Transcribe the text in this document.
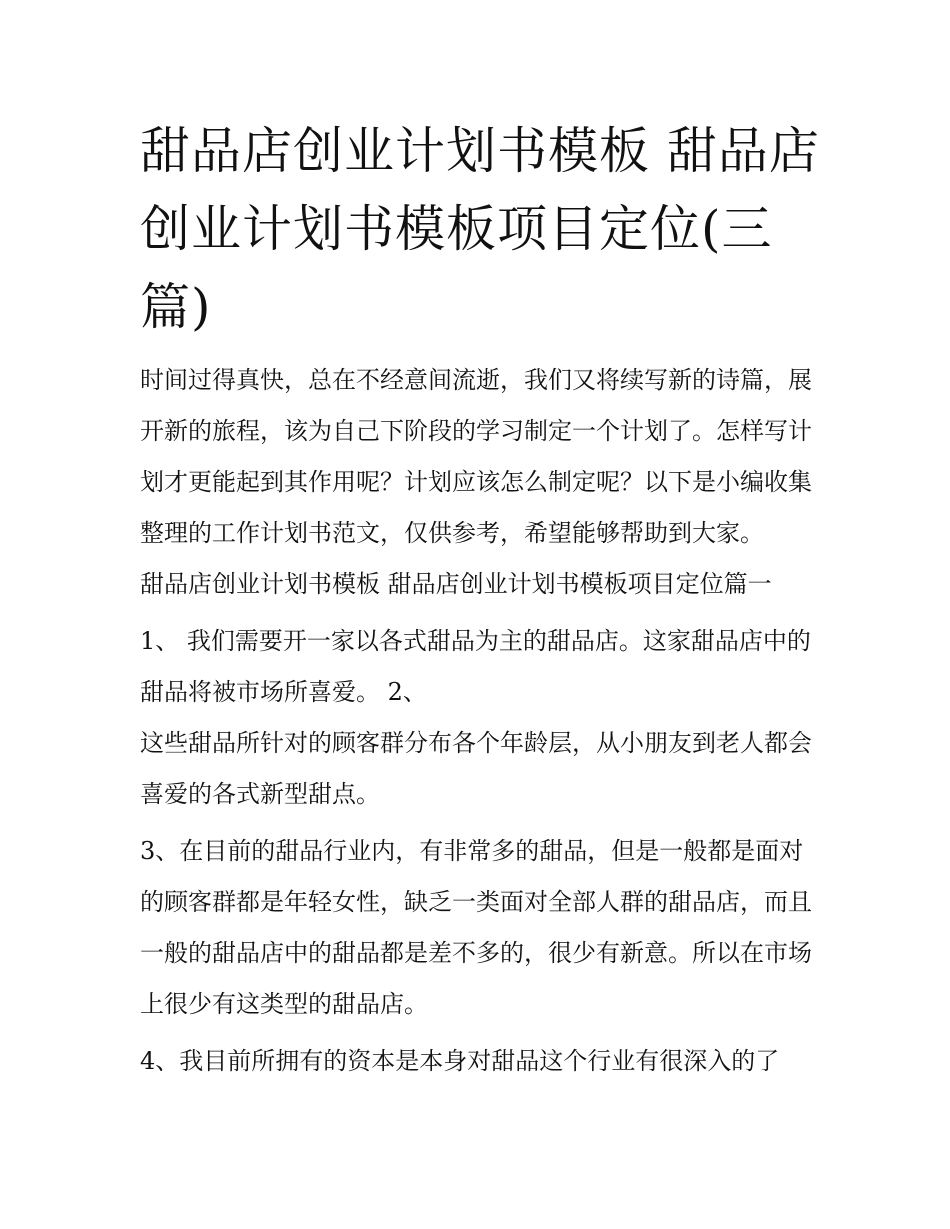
甜品店创业计划书模板 甜品店创业计划书模板项目定位(三篇)

时间过得真快，总在不经意间流逝，我们又将续写新的诗篇，展开新的旅程，该为自己下阶段的学习制定一个计划了。怎样写计划才更能起到其作用呢？计划应该怎么制定呢？以下是小编收集整理的工作计划书范文，仅供参考，希望能够帮助到大家。

甜品店创业计划书模板 甜品店创业计划书模板项目定位篇一

1、 我们需要开一家以各式甜品为主的甜品店。这家甜品店中的甜品将被市场所喜爱。 2、

这些甜品所针对的顾客群分布各个年龄层，从小朋友到老人都会喜爱的各式新型甜点。

3、在目前的甜品行业内，有非常多的甜品，但是一般都是面对的顾客群都是年轻女性，缺乏一类面对全部人群的甜品店，而且一般的甜品店中的甜品都是差不多的，很少有新意。所以在市场上很少有这类型的甜品店。

4、我目前所拥有的资本是本身对甜品这个行业有很深入的了
